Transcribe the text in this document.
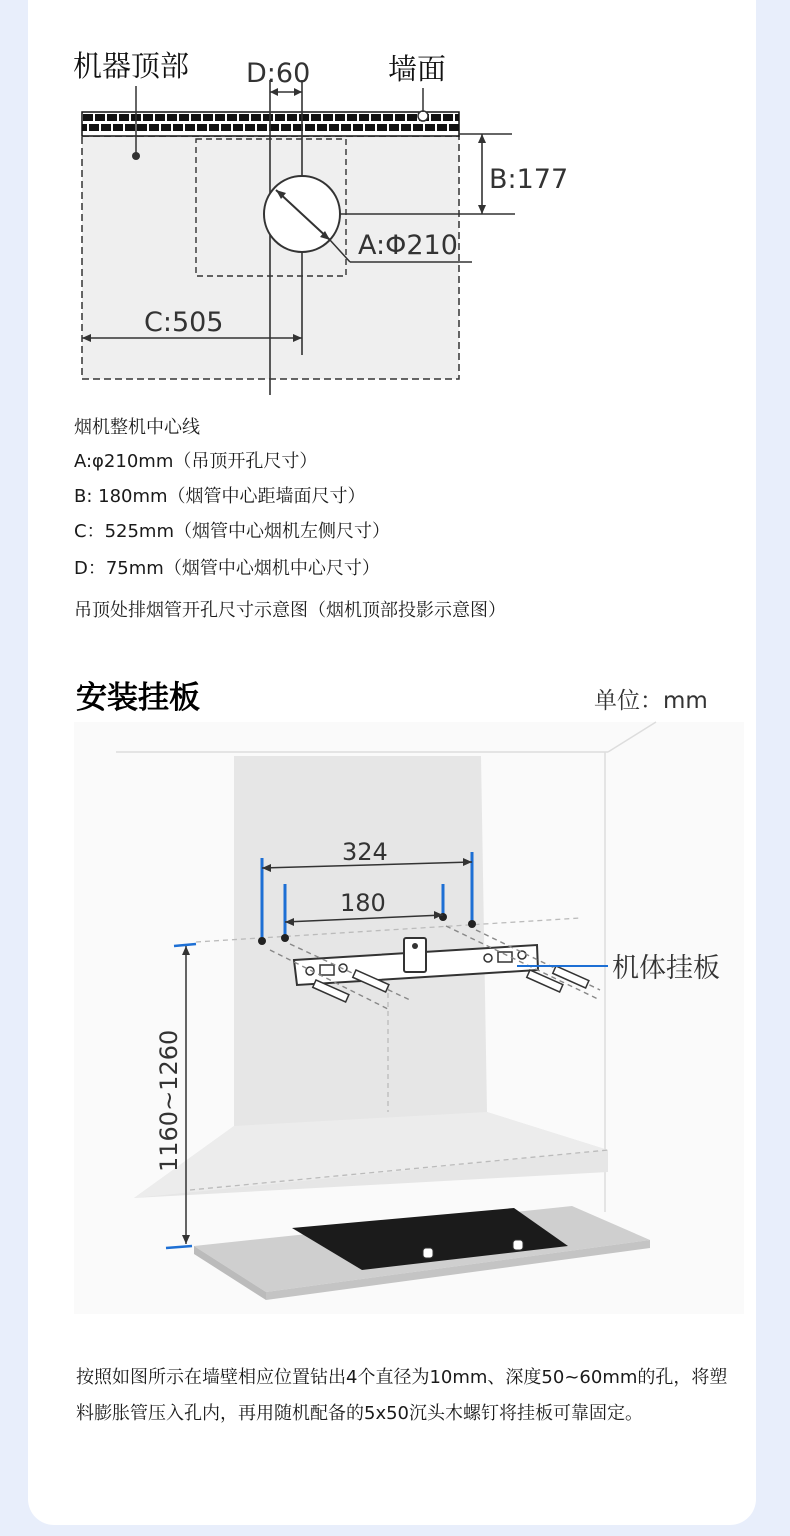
机器顶部	墙面
D:60
B:177
A:Φ210
C:505
烟机整机中心线
A:φ210mm（吊顶开孔尺寸）
B: 180mm（烟管中心距墙面尺寸）
C：525mm（烟管中心烟机左侧尺寸）
D：75mm（烟管中心烟机中心尺寸）
吊顶处排烟管开孔尺寸示意图（烟机顶部投影示意图）
安装挂板	单位：mm
324
180
机体挂板
1160~1260
按照如图所示在墙壁相应位置钻出4个直径为10mm、深度50~60mm的孔，将塑料膨胀管压入孔内，再用随机配备的5x50沉头木螺钉将挂板可靠固定。
